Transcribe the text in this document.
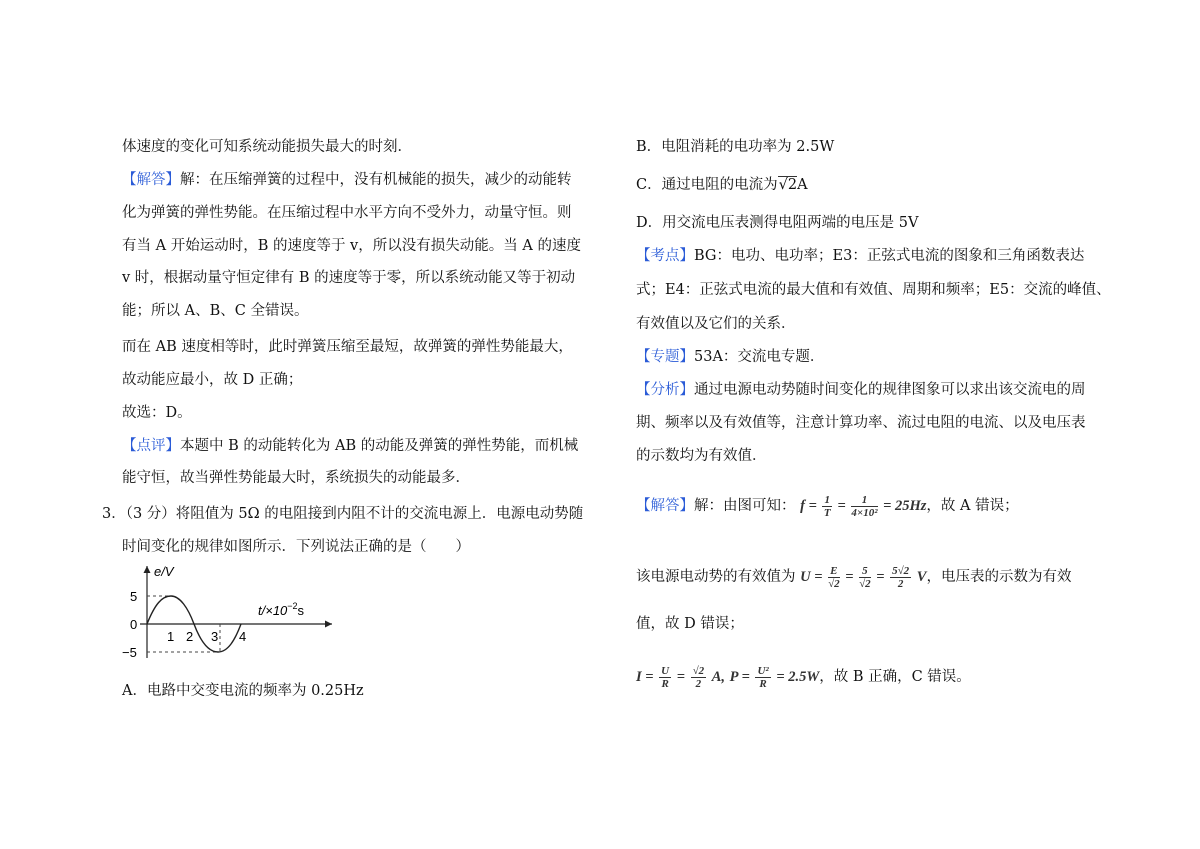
体速度的变化可知系统动能损失最大的时刻．
【解答】解：在压缩弹簧的过程中，没有机械能的损失，减少的动能转
化为弹簧的弹性势能。在压缩过程中水平方向不受外力，动量守恒。则
有当 A 开始运动时，B 的速度等于 v，所以没有损失动能。当 A 的速度
v 时，根据动量守恒定律有 B 的速度等于零，所以系统动能又等于初动
能；所以 A、B、C 全错误。
而在 AB 速度相等时，此时弹簧压缩至最短，故弹簧的弹性势能最大，
故动能应最小，故 D 正确；
故选：D。
【点评】本题中 B 的动能转化为 AB 的动能及弹簧的弹性势能，而机械
能守恒，故当弹性势能最大时，系统损失的动能最多．
3．（3 分）将阻值为 5Ω 的电阻接到内阻不计的交流电源上．电源电动势随
时间变化的规律如图所示．下列说法正确的是（　　）
e/V
5
0
−5
1 2 3 4
$t/\times 10^{-2}s$
A．电路中交变电流的频率为 0.25Hz
B．电阻消耗的电功率为 2.5W
C．通过电阻的电流为√2A
D．用交流电压表测得电阻两端的电压是 5V
【考点】BG：电功、电功率；E3：正弦式电流的图象和三角函数表达
式；E4：正弦式电流的最大值和有效值、周期和频率；E5：交流的峰值、
有效值以及它们的关系．
【专题】53A：交流电专题．
【分析】通过电源电动势随时间变化的规律图象可以求出该交流电的周
期、频率以及有效值等，注意计算功率、流过电阻的电流、以及电压表
的示数均为有效值．
【解答】解：由图可知： $f = \frac{1}{T} = \frac{1}{\text{4×10²}} = 25Hz$，故 A 错误；
该电源电动势的有效值为 $U = \frac{E}{√2} = \frac{5}{√2} = \frac{5√2}{2}$ V，电压表的示数为有效
值，故 D 错误；
$I = \frac{U}{R} = \frac{√2}{2} A$, $P = \frac{\text{U²}}{R} = 2.5W$，故 B 正确，C 错误。
